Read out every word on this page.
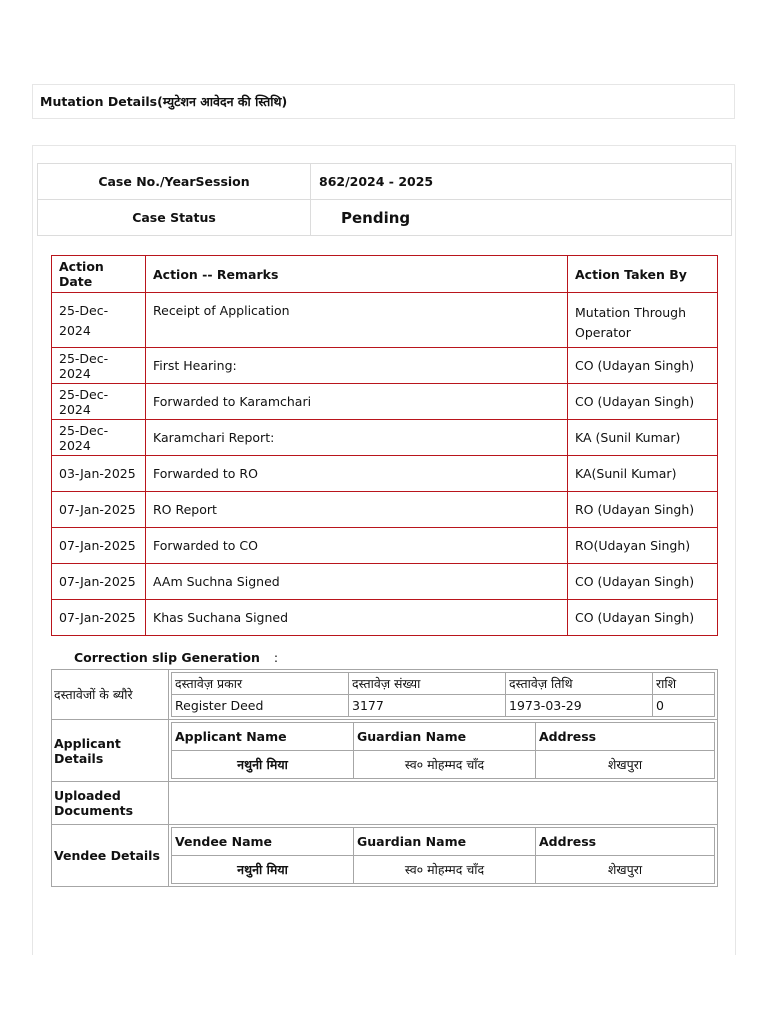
Mutation Details(म्युटेशन आवेदन की स्तिथि)
Case No./YearSession	862/2024 - 2025
Case Status	Pending
Action Date	Action -- Remarks	Action Taken By
25-Dec-2024	Receipt of Application	Mutation Through Operator
25-Dec-2024	First Hearing:	CO (Udayan Singh)
25-Dec-2024	Forwarded to Karamchari	CO (Udayan Singh)
25-Dec-2024	Karamchari Report:	KA (Sunil Kumar)
03-Jan-2025	Forwarded to RO	KA(Sunil Kumar)
07-Jan-2025	RO Report	RO (Udayan Singh)
07-Jan-2025	Forwarded to CO	RO(Udayan Singh)
07-Jan-2025	AAm Suchna Signed	CO (Udayan Singh)
07-Jan-2025	Khas Suchana Signed	CO (Udayan Singh)
Correction slip Generation :
दस्तावेजों के ब्यौरे	
दस्तावेज़ प्रकार	दस्तावेज़ संख्या	दस्तावेज़ तिथि	राशि
Register Deed	3177	1973-03-29	0

Applicant Details	
Applicant Name	Guardian Name	Address
नथुनी मिया	स्व० मोहम्मद चाँद	शेखपुरा

Uploaded Documents	
Vendee Details	
Vendee Name	Guardian Name	Address
नथुनी मिया	स्व० मोहम्मद चाँद	शेखपुरा
